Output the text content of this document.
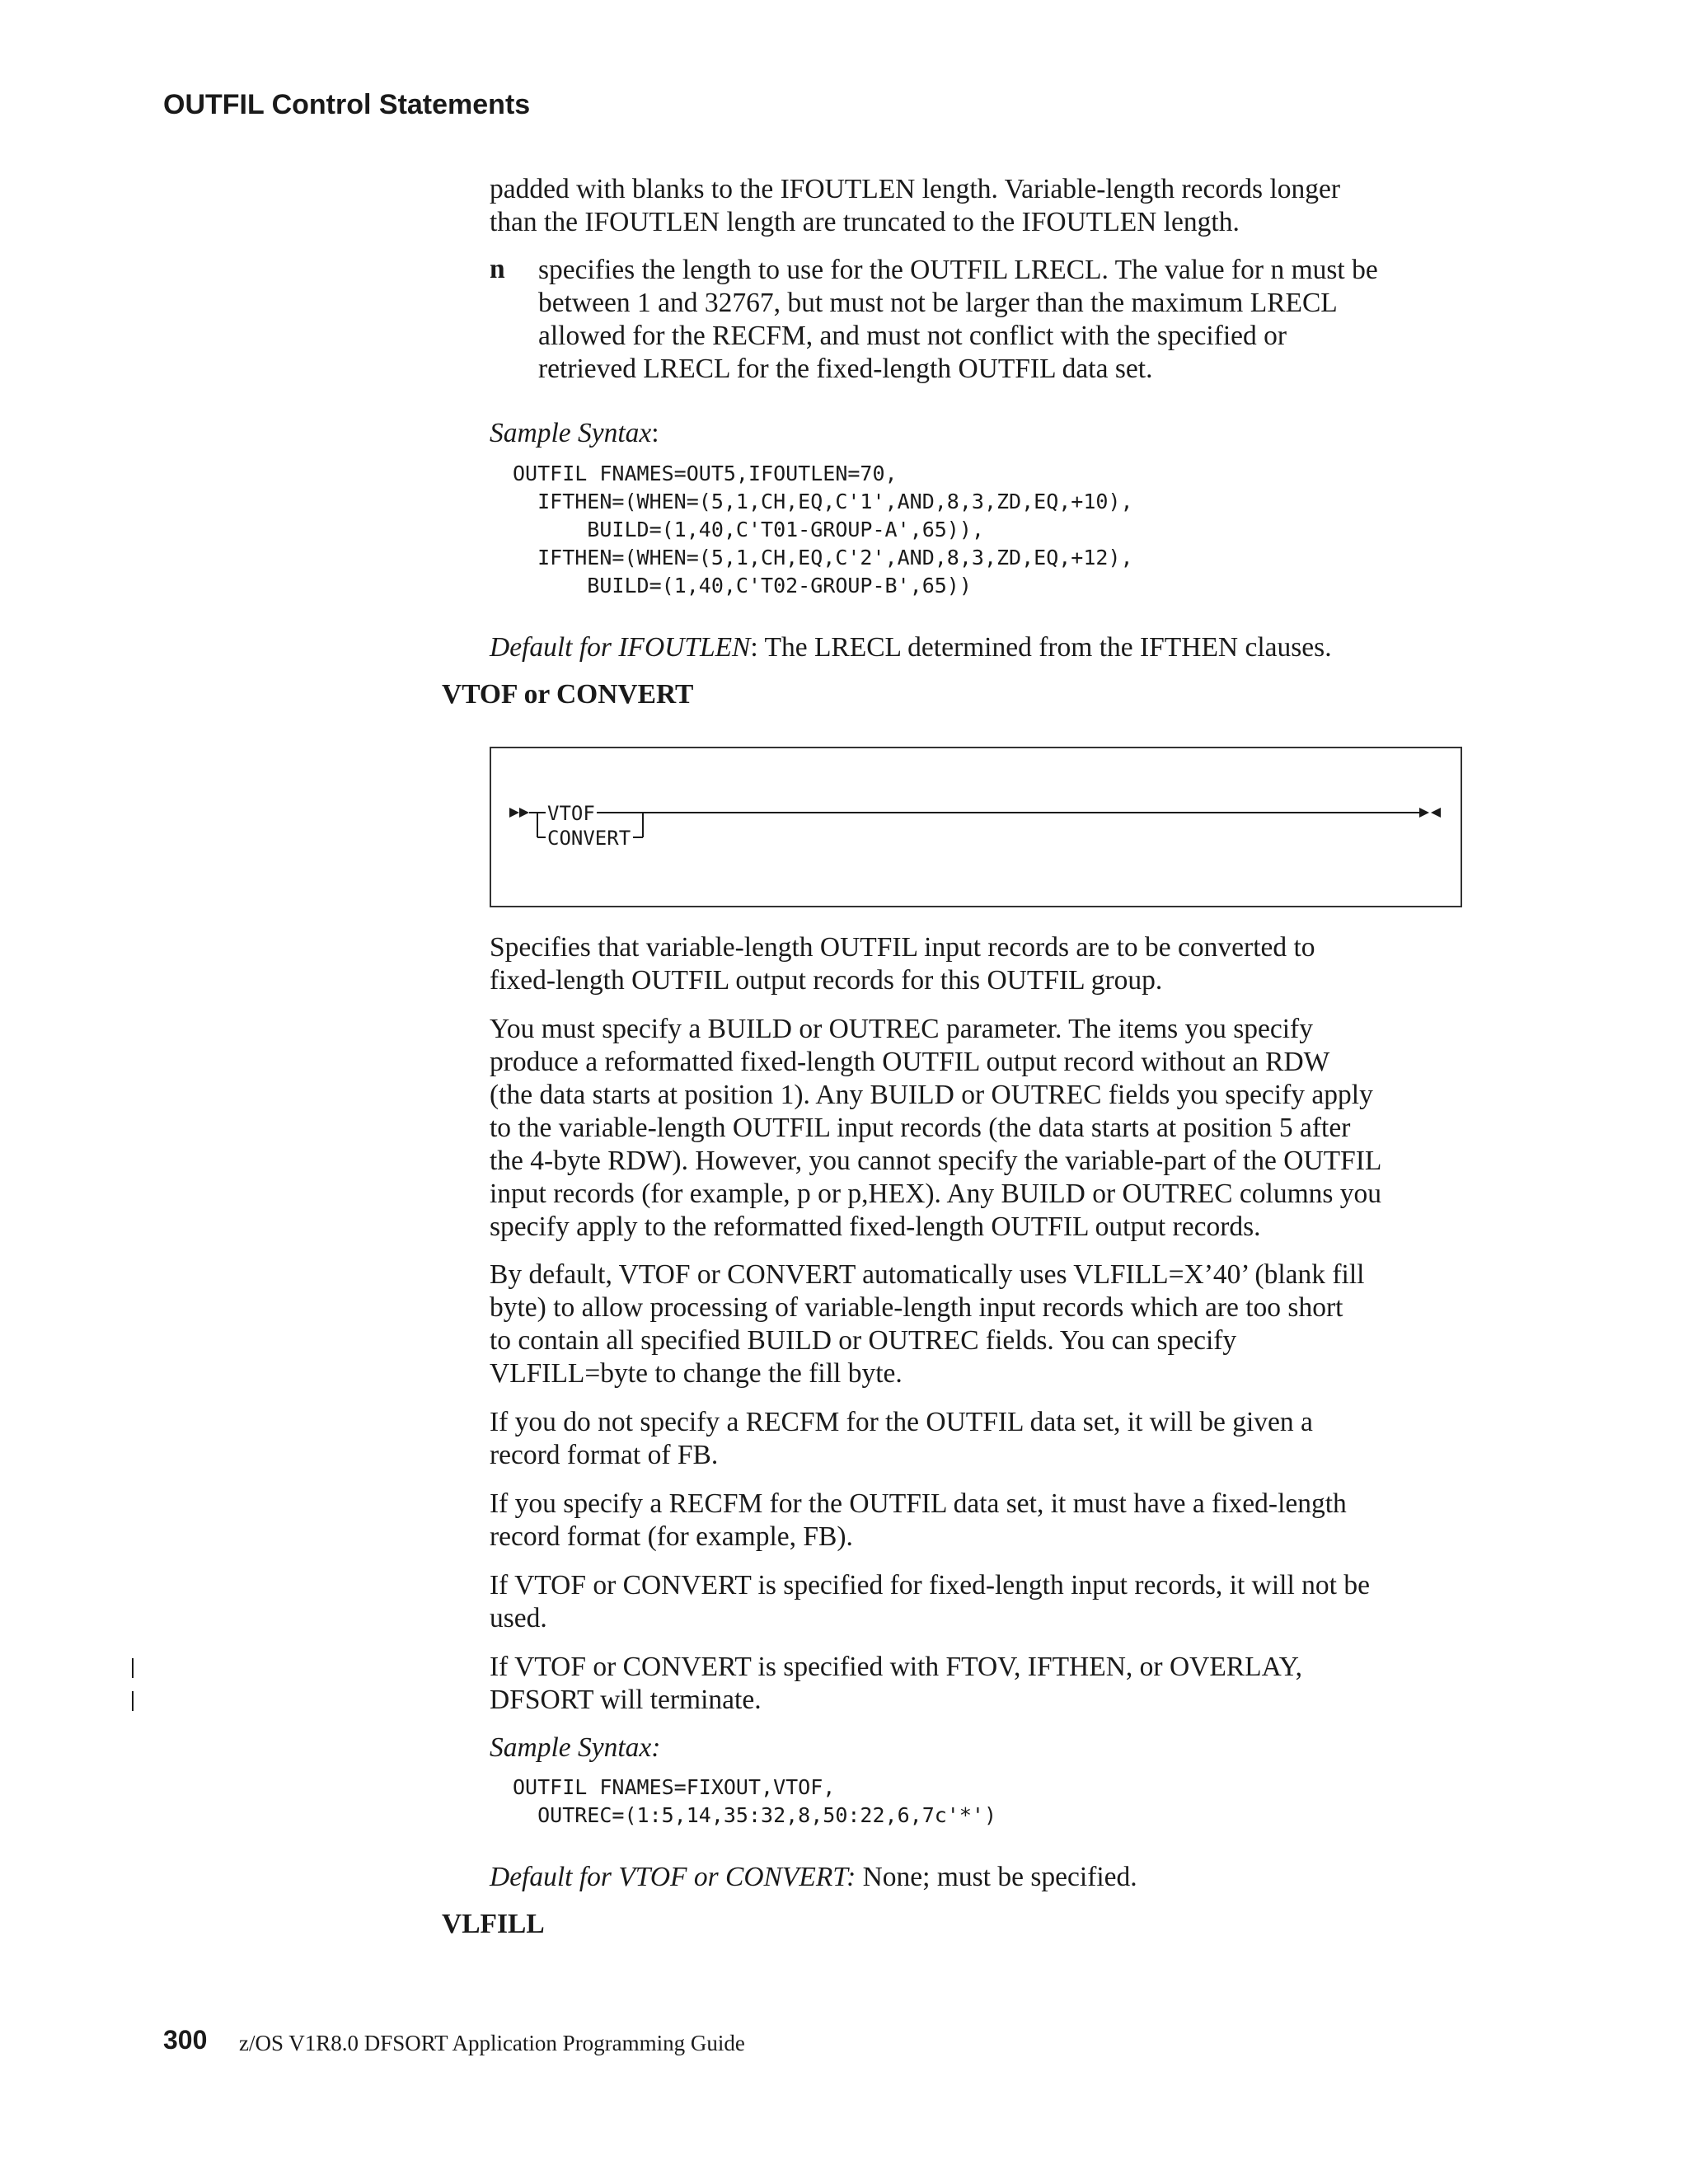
OUTFIL Control Statements

padded with blanks to the IFOUTLEN length. Variable-length records longer
than the IFOUTLEN length are truncated to the IFOUTLEN length.

n specifies the length to use for the OUTFIL LRECL. The value for n must be
between 1 and 32767, but must not be larger than the maximum LRECL
allowed for the RECFM, and must not conflict with the specified or
retrieved LRECL for the fixed-length OUTFIL data set.

Sample Syntax:

OUTFIL FNAMES=OUT5,IFOUTLEN=70,
IFTHEN=(WHEN=(5,1,CH,EQ,C'1',AND,8,3,ZD,EQ,+10),
BUILD=(1,40,C'T01-GROUP-A',65)),
IFTHEN=(WHEN=(5,1,CH,EQ,C'2',AND,8,3,ZD,EQ,+12),
BUILD=(1,40,C'T02-GROUP-B',65))

Default for IFOUTLEN: The LRECL determined from the IFTHEN clauses.

VTOF or CONVERT
VTOF
CONVERT

Specifies that variable-length OUTFIL input records are to be converted to
fixed-length OUTFIL output records for this OUTFIL group.

You must specify a BUILD or OUTREC parameter. The items you specify
produce a reformatted fixed-length OUTFIL output record without an RDW
(the data starts at position 1). Any BUILD or OUTREC fields you specify apply
to the variable-length OUTFIL input records (the data starts at position 5 after
the 4-byte RDW). However, you cannot specify the variable-part of the OUTFIL
input records (for example, p or p,HEX). Any BUILD or OUTREC columns you
specify apply to the reformatted fixed-length OUTFIL output records.

By default, VTOF or CONVERT automatically uses VLFILL=X’40’ (blank fill
byte) to allow processing of variable-length input records which are too short
to contain all specified BUILD or OUTREC fields. You can specify
VLFILL=byte to change the fill byte.

If you do not specify a RECFM for the OUTFIL data set, it will be given a
record format of FB.

If you specify a RECFM for the OUTFIL data set, it must have a fixed-length
record format (for example, FB).

If VTOF or CONVERT is specified for fixed-length input records, it will not be
used.

If VTOF or CONVERT is specified with FTOV, IFTHEN, or OVERLAY,
DFSORT will terminate.

Sample Syntax:

OUTFIL FNAMES=FIXOUT,VTOF,
OUTREC=(1:5,14,35:32,8,50:22,6,7c'*')

Default for VTOF or CONVERT: None; must be specified.

VLFILL
300 z/OS V1R8.0 DFSORT Application Programming Guide
